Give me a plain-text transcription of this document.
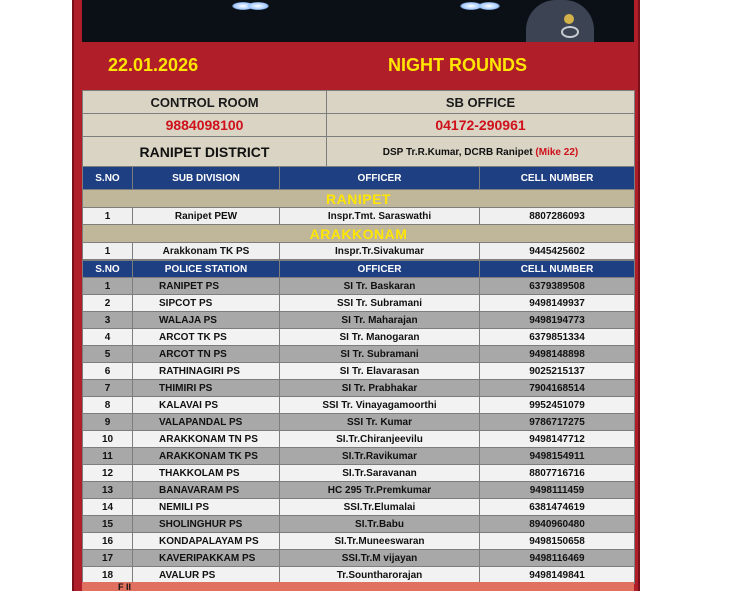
22.01.2026	NIGHT ROUNDS
CONTROL ROOM	SB OFFICE
9884098100	04172-290961
RANIPET DISTRICT	DSP Tr.R.Kumar, DCRB Ranipet (Mike 22)
S.NO	SUB DIVISION	OFFICER	CELL NUMBER
RANIPET			
1	Ranipet PEW	Inspr.Tmt. Saraswathi	8807286093
ARAKKONAM			
1	Arakkonam TK PS	Inspr.Tr.Sivakumar	9445425602
S.NO	POLICE STATION	OFFICER	CELL NUMBER
1	RANIPET PS	SI Tr. Baskaran	6379389508
2	SIPCOT PS	SSI Tr. Subramani	9498149937
3	WALAJA PS	SI Tr. Maharajan	9498194773
4	ARCOT TK PS	SI Tr. Manogaran	6379851334
5	ARCOT TN PS	SI Tr. Subramani	9498148898
6	RATHINAGIRI PS	SI Tr. Elavarasan	9025215137
7	THIMIRI PS	SI Tr. Prabhakar	7904168514
8	KALAVAI PS	SSI Tr. Vinayagamoorthi	9952451079
9	VALAPANDAL PS	SSI Tr. Kumar	9786717275
10	ARAKKONAM TN PS	SI.Tr.Chiranjeevilu	9498147712
11	ARAKKONAM TK PS	SI.Tr.Ravikumar	9498154911
12	THAKKOLAM PS	SI.Tr.Saravanan	8807716716
13	BANAVARAM PS	HC 295 Tr.Premkumar	9498111459
14	NEMILI PS	SSI.Tr.Elumalai	6381474619
15	SHOLINGHUR PS	SI.Tr.Babu	8940960480
16	KONDAPALAYAM PS	SI.Tr.Muneeswaran	9498150658
17	KAVERIPAKKAM PS	SSI.Tr.M vijayan	9498116469
18	AVALUR PS	Tr.Sountharorajan	9498149841
F ll
